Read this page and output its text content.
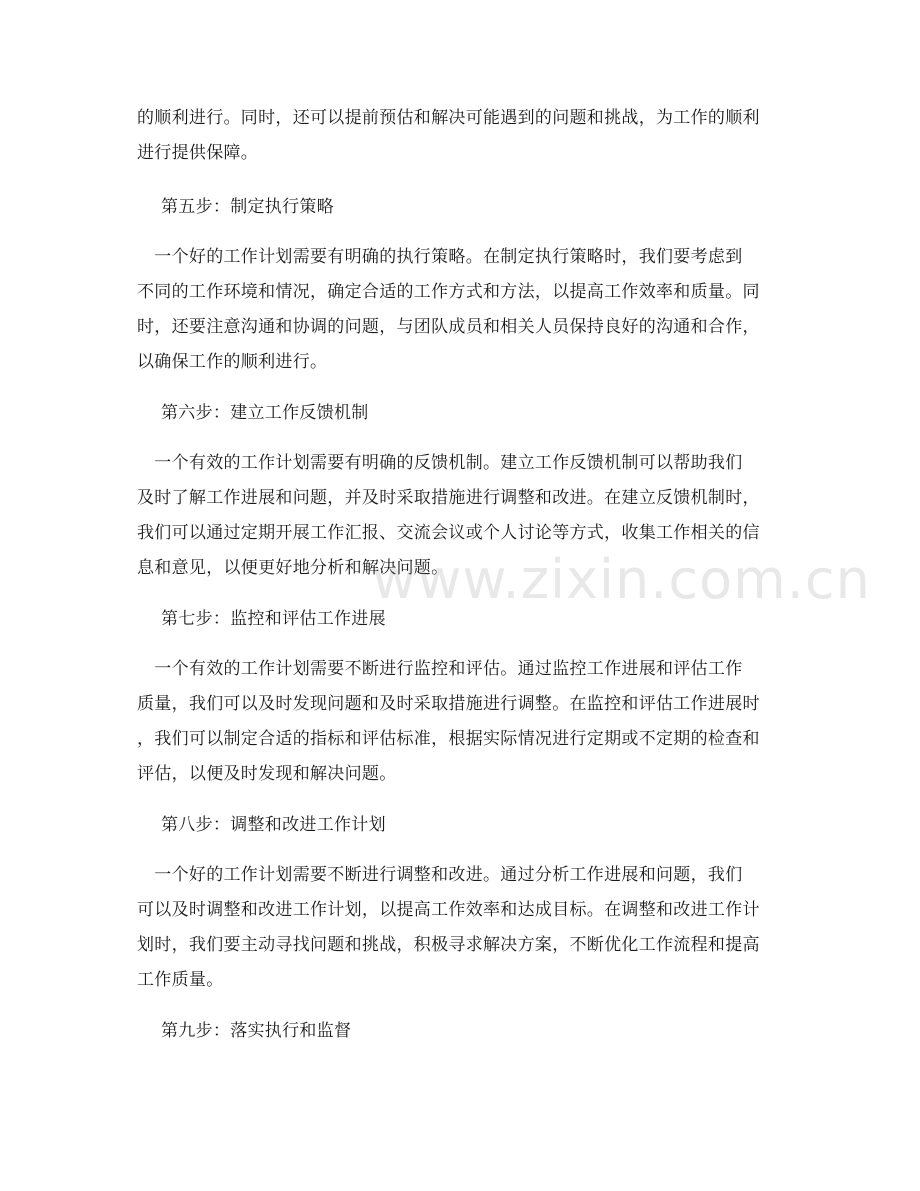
的顺利进行。同时，还可以提前预估和解决可能遇到的问题和挑战，为工作的顺利
进行提供保障。
第五步：制定执行策略
　一个好的工作计划需要有明确的执行策略。在制定执行策略时，我们要考虑到
不同的工作环境和情况，确定合适的工作方式和方法，以提高工作效率和质量。同
时，还要注意沟通和协调的问题，与团队成员和相关人员保持良好的沟通和合作，
以确保工作的顺利进行。
第六步：建立工作反馈机制
　一个有效的工作计划需要有明确的反馈机制。建立工作反馈机制可以帮助我们
及时了解工作进展和问题，并及时采取措施进行调整和改进。在建立反馈机制时，
我们可以通过定期开展工作汇报、交流会议或个人讨论等方式，收集工作相关的信
息和意见，以便更好地分析和解决问题。
第七步：监控和评估工作进展
　一个有效的工作计划需要不断进行监控和评估。通过监控工作进展和评估工作
质量，我们可以及时发现问题和及时采取措施进行调整。在监控和评估工作进展时
，我们可以制定合适的指标和评估标准，根据实际情况进行定期或不定期的检查和
评估，以便及时发现和解决问题。
第八步：调整和改进工作计划
　一个好的工作计划需要不断进行调整和改进。通过分析工作进展和问题，我们
可以及时调整和改进工作计划，以提高工作效率和达成目标。在调整和改进工作计
划时，我们要主动寻找问题和挑战，积极寻求解决方案，不断优化工作流程和提高
工作质量。
第九步：落实执行和监督
www.zixin.com.cn
